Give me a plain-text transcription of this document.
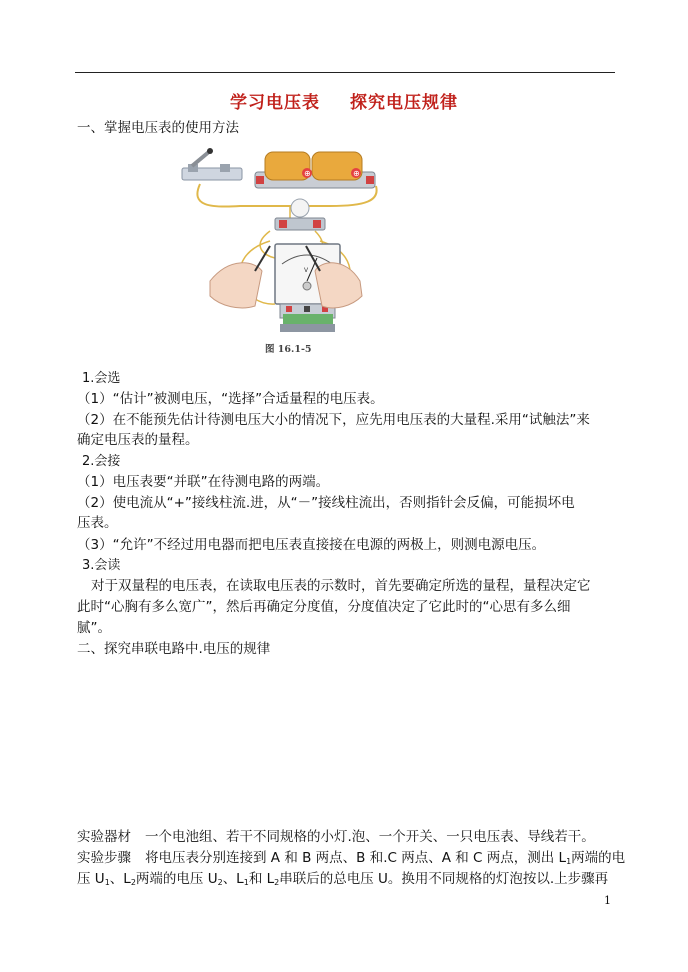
学习电压表 探究电压规律
一、掌握电压表的使用方法
⊕	⊕
V
图 16.1-5
1.会选
（1）“估计”被测电压，“选择”合适量程的电压表。
（2）在不能预先估计待测电压大小的情况下，应先用电压表的大量程.采用“试触法”来
确定电压表的量程。
2.会接
（1）电压表要“并联”在待测电路的两端。
（2）使电流从“+”接线柱流.进，从“－”接线柱流出，否则指针会反偏，可能损坏电
压表。
（3）“允许”不经过用电器而把电压表直接接在电源的两极上，则测电源电压。
3.会读
对于双量程的电压表，在读取电压表的示数时，首先要确定所选的量程，量程决定它
此时“心胸有多么宽广”，然后再确定分度值，分度值决定了它此时的“心思有多么细
腻”。
二、探究串联电路中.电压的规律
实验器材 一个电池组、若干不同规格的小灯.泡、一个开关、一只电压表、导线若干。
实验步骤 将电压表分别连接到 A 和 B 两点、B 和.C 两点、A 和 C 两点，测出 $L_1$两端的电
压 $U_1$、$L_2$两端的电压 $U_2$、$L_1$和 $L_2$串联后的总电压 U。换用不同规格的灯泡按以.上步骤再
1
